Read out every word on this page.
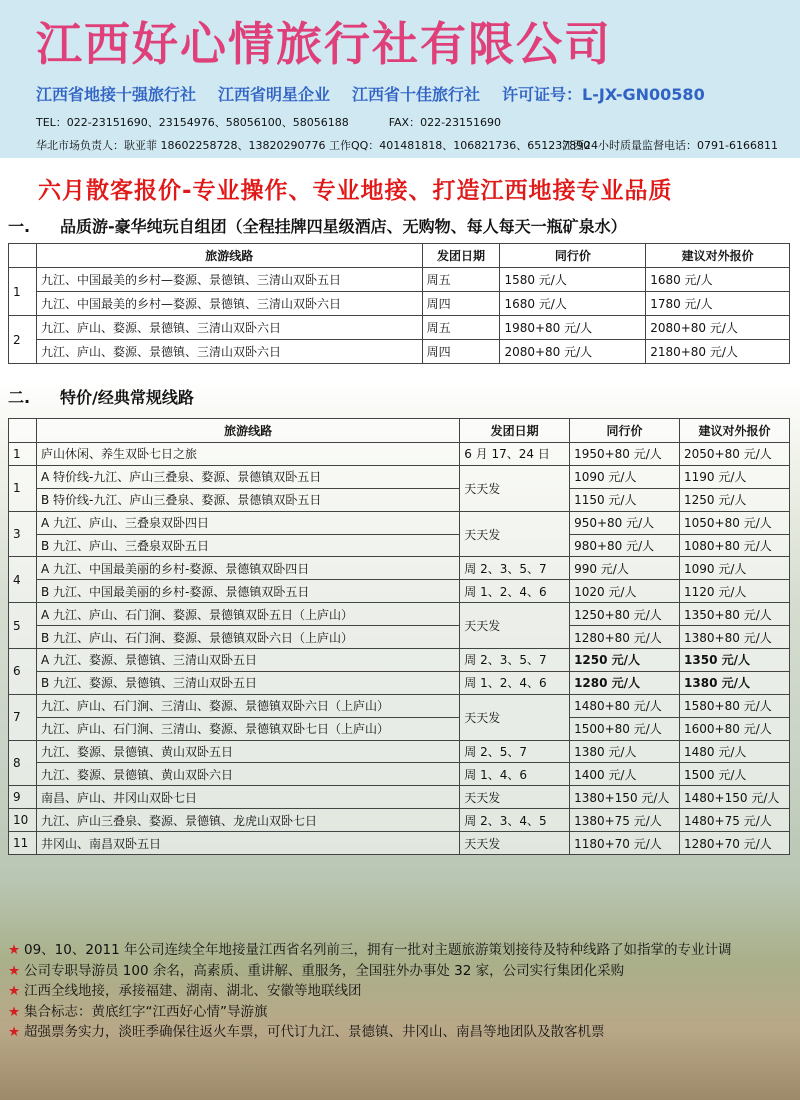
江西好心情旅行社有限公司
江西省地接十强旅行社 江西省明星企业 江西省十佳旅行社 许可证号：L-JX-GN00580
TEL：022-23151690、23154976、58056100、58056188	FAX：022-23151690
华北市场负责人：耿亚菲 18602258728、13820290776 工作QQ：401481818、106821736、651237890
江西24小时质量监督电话：0791-6166811
六月散客报价-专业操作、专业地接、打造江西地接专业品质
一. 品质游-豪华纯玩自组团（全程挂牌四星级酒店、无购物、每人每天一瓶矿泉水）
	旅游线路	发团日期	同行价	建议对外报价
1	九江、中国最美的乡村—婺源、景德镇、三清山双卧五日	周五	1580 元/人	1680 元/人
	九江、中国最美的乡村—婺源、景德镇、三清山双卧六日	周四	1680 元/人	1780 元/人
2	九江、庐山、婺源、景德镇、三清山双卧六日	周五	1980+80 元/人	2080+80 元/人
	九江、庐山、婺源、景德镇、三清山双卧六日	周四	2080+80 元/人	2180+80 元/人
二. 特价/经典常规线路
	旅游线路	发团日期	同行价	建议对外报价
1	庐山休闲、养生双卧七日之旅	6 月 17、24 日	1950+80 元/人	2050+80 元/人
1	A 特价线-九江、庐山三叠泉、婺源、景德镇双卧五日	天天发	1090 元/人	1190 元/人
	B 特价线-九江、庐山三叠泉、婺源、景德镇双卧五日		1150 元/人	1250 元/人
3	A 九江、庐山、三叠泉双卧四日	天天发	950+80 元/人	1050+80 元/人
	B 九江、庐山、三叠泉双卧五日		980+80 元/人	1080+80 元/人
4	A 九江、中国最美丽的乡村-婺源、景德镇双卧四日	周 2、3、5、7	990 元/人	1090 元/人
	B 九江、中国最美丽的乡村-婺源、景德镇双卧五日	周 1、2、4、6	1020 元/人	1120 元/人
5	A 九江、庐山、石门涧、婺源、景德镇双卧五日（上庐山）	天天发	1250+80 元/人	1350+80 元/人
	B 九江、庐山、石门涧、婺源、景德镇双卧六日（上庐山）		1280+80 元/人	1380+80 元/人
6	A 九江、婺源、景德镇、三清山双卧五日	周 2、3、5、7	1250 元/人	1350 元/人
	B 九江、婺源、景德镇、三清山双卧五日	周 1、2、4、6	1280 元/人	1380 元/人
7	九江、庐山、石门涧、三清山、婺源、景德镇双卧六日（上庐山）	天天发	1480+80 元/人	1580+80 元/人
	九江、庐山、石门涧、三清山、婺源、景德镇双卧七日（上庐山）		1500+80 元/人	1600+80 元/人
8	九江、婺源、景德镇、黄山双卧五日	周 2、5、7	1380 元/人	1480 元/人
	九江、婺源、景德镇、黄山双卧六日	周 1、4、6	1400 元/人	1500 元/人
9	南昌、庐山、井冈山双卧七日	天天发	1380+150 元/人	1480+150 元/人
10	九江、庐山三叠泉、婺源、景德镇、龙虎山双卧七日	周 2、3、4、5	1380+75 元/人	1480+75 元/人
11	井冈山、南昌双卧五日	天天发	1180+70 元/人	1280+70 元/人
★ 09、10、2011 年公司连续全年地接量江西省名列前三，拥有一批对主题旅游策划接待及特种线路了如指掌的专业计调
★ 公司专职导游员 100 余名，高素质、重讲解、重服务，全国驻外办事处 32 家，公司实行集团化采购
★ 江西全线地接，承接福建、湖南、湖北、安徽等地联线团
★ 集合标志：黄底红字“江西好心情”导游旗
★ 超强票务实力，淡旺季确保往返火车票，可代订九江、景德镇、井冈山、南昌等地团队及散客机票
